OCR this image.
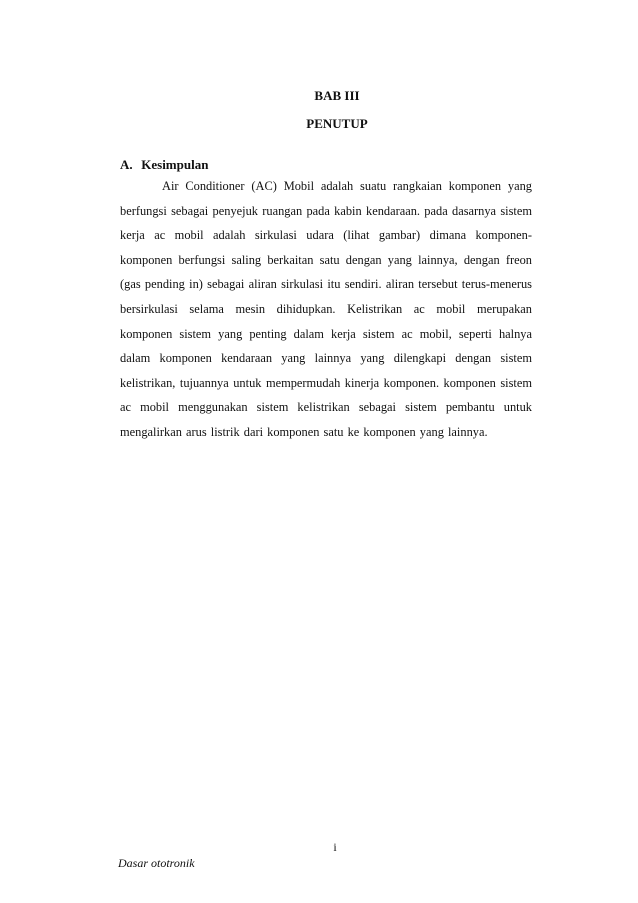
BAB III
PENUTUP
A. Kesimpulan

Air Conditioner (AC) Mobil adalah suatu rangkaian komponen yang berfungsi sebagai penyejuk ruangan pada kabin kendaraan. pada dasarnya sistem kerja ac mobil adalah sirkulasi udara (lihat gambar) dimana komponen-komponen berfungsi saling berkaitan satu dengan yang lainnya, dengan freon (gas pending in) sebagai aliran sirkulasi itu sendiri. aliran tersebut terus-menerus bersirkulasi selama mesin dihidupkan. Kelistrikan ac mobil merupakan komponen sistem yang penting dalam kerja sistem ac mobil, seperti halnya dalam komponen kendaraan yang lainnya yang dilengkapi dengan sistem kelistrikan, tujuannya untuk mempermudah kinerja komponen. komponen sistem ac mobil menggunakan sistem kelistrikan sebagai sistem pembantu untuk mengalirkan arus listrik dari komponen satu ke komponen yang lainnya.

i
Dasar ototronik
